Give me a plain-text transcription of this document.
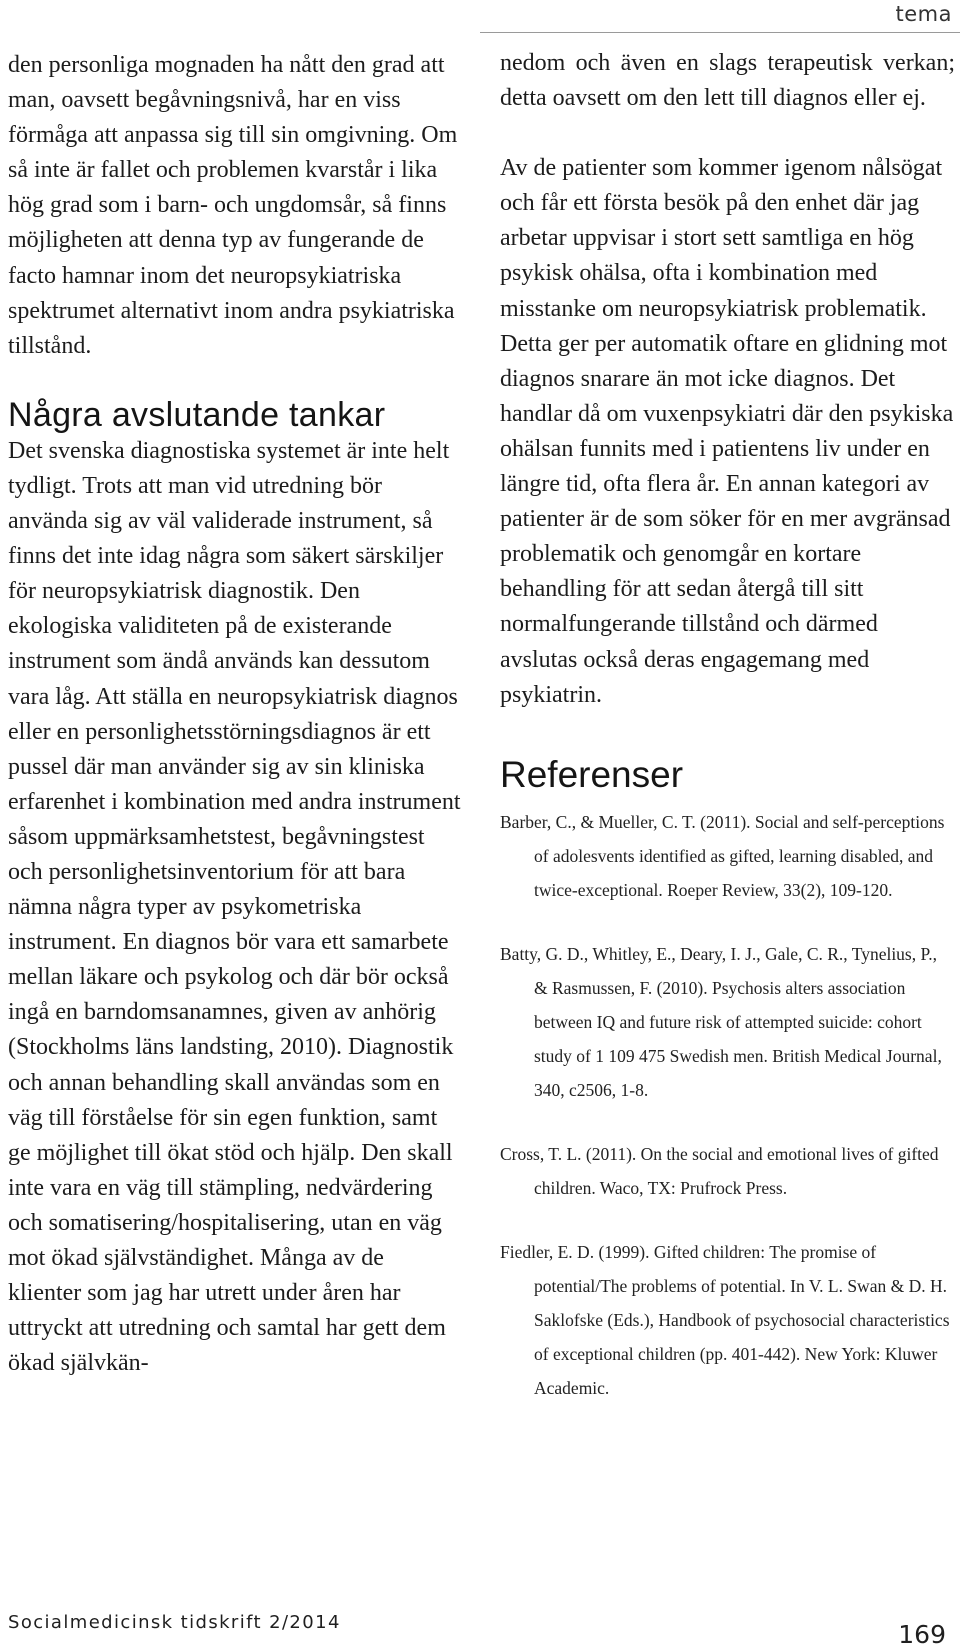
tema

den personliga mognaden ha nått den grad att man, oavsett begåvningsnivå, har en viss förmåga att anpassa sig till sin omgivning. Om så inte är fallet och problemen kvarstår i lika hög grad som i barn- och ungdomsår, så finns möjligheten att denna typ av fungerande de facto hamnar inom det neuropsykiatriska spektrumet alternativt inom andra psykiatriska tillstånd.

Några avslutande tankar

Det svenska diagnostiska systemet är inte helt tydligt. Trots att man vid utredning bör använda sig av väl validerade instrument, så finns det inte idag några som säkert särskiljer för neuropsykiatrisk diagnostik. Den ekologiska validiteten på de existerande instrument som ändå används kan dessutom vara låg. Att ställa en neuropsykiatrisk diagnos eller en personlighetsstörningsdiagnos är ett pussel där man använder sig av sin kliniska erfarenhet i kombination med andra instrument såsom uppmärksamhetstest, begåvningstest och personlighetsinventorium för att bara nämna några typer av psykometriska instrument. En diagnos bör vara ett samarbete mellan läkare och psykolog och där bör också ingå en barndomsanamnes, given av anhörig (Stockholms läns landsting, 2010). Diagnostik och annan behandling skall användas som en väg till förståelse för sin egen funktion, samt ge möjlighet till ökat stöd och hjälp. Den skall inte vara en väg till stämpling, nedvärdering och somatisering/hospitalisering, utan en väg mot ökad självständighet. Många av de klienter som jag har utrett under åren har uttryckt att utredning och samtal har gett dem ökad självkän-

nedom och även en slags terapeutisk verkan; detta oavsett om den lett till diagnos eller ej.

Av de patienter som kommer igenom nålsögat och får ett första besök på den enhet där jag arbetar uppvisar i stort sett samtliga en hög psykisk ohälsa, ofta i kombination med misstanke om neuropsykiatrisk problematik. Detta ger per automatik oftare en glidning mot diagnos snarare än mot icke diagnos. Det handlar då om vuxenpsykiatri där den psykiska ohälsan funnits med i patientens liv under en längre tid, ofta flera år. En annan kategori av patienter är de som söker för en mer avgränsad problematik och genomgår en kortare behandling för att sedan återgå till sitt normalfungerande tillstånd och därmed avslutas också deras engagemang med psykiatrin.

Referenser
Barber, C., & Mueller, C. T. (2011). Social and self-perceptions of adolesvents identified as gifted, learning disabled, and twice-exceptional. Roeper Review, 33(2), 109-120.
Batty, G. D., Whitley, E., Deary, I. J., Gale, C. R., Tynelius, P., & Rasmussen, F. (2010). Psychosis alters association between IQ and future risk of attempted suicide: cohort study of 1 109 475 Swedish men. British Medical Journal, 340, c2506, 1-8.
Cross, T. L. (2011). On the social and emotional lives of gifted children. Waco, TX: Prufrock Press.
Fiedler, E. D. (1999). Gifted children: The promise of potential/The problems of potential. In V. L. Swan & D. H. Saklofske (Eds.), Handbook of psychosocial characteristics of exceptional children (pp. 401-442). New York: Kluwer Academic.
Socialmedicinsk tidskrift 2/2014	169
